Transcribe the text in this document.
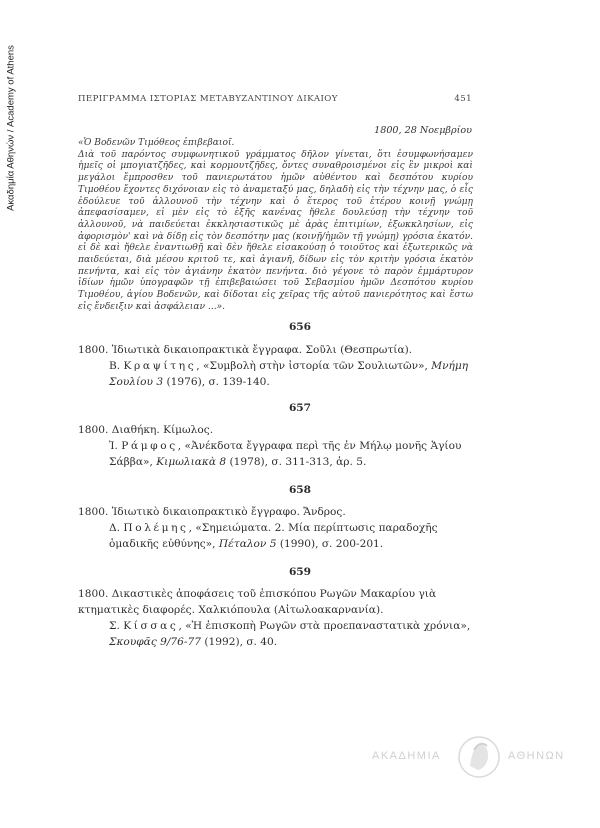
Ακαδημία Αθηνών / Academy of Athens	ΠΕΡΙΓΡΑΜΜΑ ΙΣΤΟΡΙΑΣ ΜΕΤΑΒΥΖΑΝΤΙΝΟΥ ΔΙΚΑΙΟΥ	451
1800, 28 Νοεμβρίου

«Ὁ Βοδενῶν Τιμόθεος ἐπιβεβαιοῖ.

Διὰ τοῦ παρόντος συμφωνητικοῦ γράμματος δῆλον γίνεται, ὅτι ἐσυμφωνήσαμεν ἡμεῖς οἱ μπογιατζῆδες, καὶ κορμουτζῆδες, ὄντες συναθροισμένοι εἰς ἓν μικροὶ καὶ μεγάλοι ἔμπροσθεν τοῦ πανιερωτάτου ἡμῶν αὐθέντου καὶ δεσπότου κυρίου Τιμοθέου ἔχοντες διχόνοιαν εἰς τὸ ἀναμεταξύ μας, δηλαδὴ εἰς τὴν τέχνην μας, ὁ εἷς ἐδούλευε τοῦ ἀλλουνοῦ τὴν τέχνην καὶ ὁ ἕτερος τοῦ ἑτέρου κοινῇ γνώμῃ ἀπεφασίσαμεν, εἰ μὲν εἰς τὸ ἑξῆς κανένας ἤθελε δουλεύσῃ τὴν τέχνην τοῦ ἀλλουνοῦ, νὰ παιδεύεται ἐκκλησιαστικῶς μὲ ἀρὰς ἐπιτιμίων, ἐξωκκλησίων, εἰς ἀφορισμὸν' καὶ νὰ δίδῃ εἰς τὸν δεσπότην μας (κοινῇ/ἡμῶν τῇ γνώμῃ) γρόσια ἑκατόν. εἰ δὲ καὶ ἤθελε ἐναντιωθῇ καὶ δὲν ἤθελε εἰσακούσῃ ὁ τοιοῦτος καὶ ἐξωτερικῶς νὰ παιδεύεται, διὰ μέσου κριτοῦ τε, καὶ ἀγιανῆ, δίδων εἰς τὸν κριτὴν γρόσια ἑκατὸν πενήντα, καὶ εἰς τὸν ἀγιάνην ἑκατὸν πενήντα. διὸ γέγονε τὸ παρὸν ἐμμάρτυρον ἰδίων ἡμῶν ὑπογραφῶν τῇ ἐπιβεβαιώσει τοῦ Σεβασμίου ἡμῶν Δεσπότου κυρίου Τιμοθέου, ἁγίου Βοδενῶν, καὶ δίδοται εἰς χεῖρας τῆς αὐτοῦ πανιερότητος καὶ ἔστω εἰς ἔνδειξιν καὶ ἀσφάλειαν ...».

656

1800. Ἰδιωτικὰ δικαιοπρακτικὰ ἔγγραφα. Σοῦλι (Θεσπρωτία).

Β. Κραψίτης, «Συμβολὴ στὴν ἱστορία τῶν Σουλιωτῶν», Μνήμη Σουλίου 3 (1976), σ. 139-140.

657

1800. Διαθήκη. Κίμωλος.

Ἰ. Ράμφος, «Ἀνέκδοτα ἔγγραφα περὶ τῆς ἐν Μήλῳ μονῆς Ἁγίου Σάββα», Κιμωλιακὰ 8 (1978), σ. 311-313, ἀρ. 5.

658

1800. Ἰδιωτικὸ δικαιοπρακτικὸ ἔγγραφο. Ἄνδρος.

Δ. Πολέμης, «Σημειώματα. 2. Μία περίπτωσις παραδοχῆς ὁμαδικῆς εὐθύνης», Πέταλον 5 (1990), σ. 200-201.

659

1800. Δικαστικὲς ἀποφάσεις τοῦ ἐπισκόπου Ρωγῶν Μακαρίου γιὰ κτηματικὲς διαφορές. Χαλκιόπουλα (Αἰτωλοακαρνανία).

Σ. Κίσσας, «Ἡ ἐπισκοπὴ Ρωγῶν στὰ προεπαναστατικὰ χρόνια», Σκουφᾶς 9/76-77 (1992), σ. 40.

ΑΚΑΔΗΜΙΑ	ΑΘΗΝΩΝ
